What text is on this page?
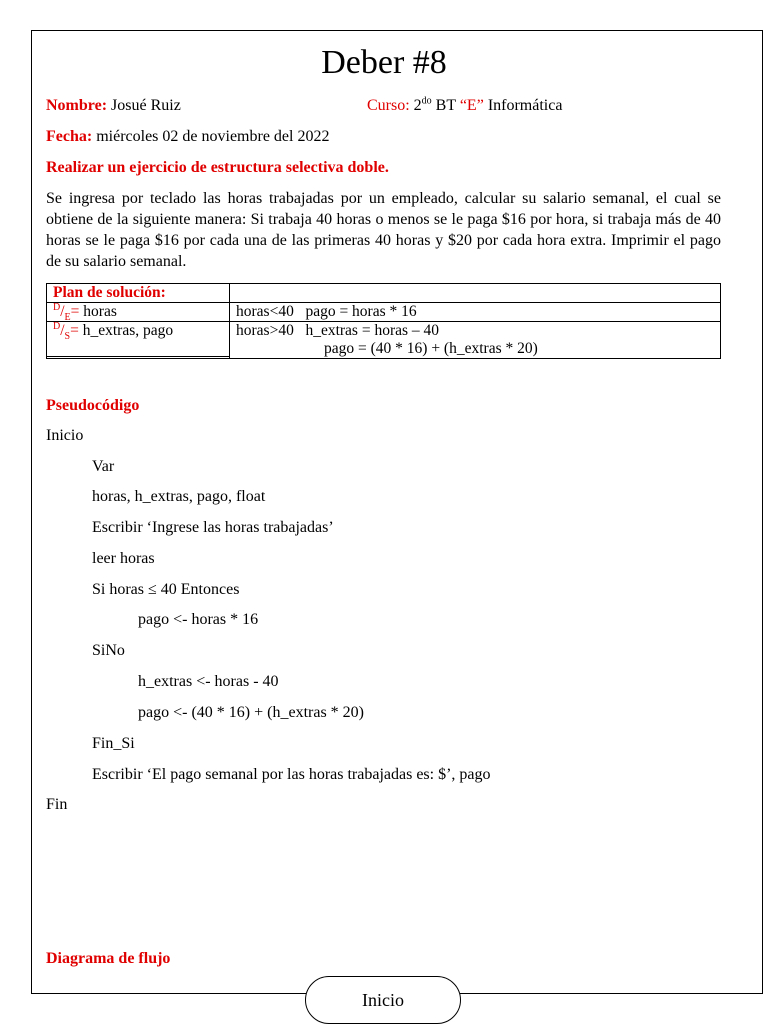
Deber #8
Nombre: Josué Ruiz	Curso: $2^{do}$ BT “E” Informática
Fecha: miércoles 02 de noviembre del 2022
Realizar un ejercicio de estructura selectiva doble.
Se ingresa por teclado las horas trabajadas por un empleado, calcular su salario semanal, el cual se obtiene de la siguiente manera: Si trabaja 40 horas o menos se le paga $16 por hora, si trabaja más de 40 horas se le paga $16 por cada una de las primeras 40 horas y $20 por cada hora extra. Imprimir el pago de su salario semanal.
Plan de solución:	
$^D/_E=$ horas	horas<40   pago = horas * 16
$^D/_S=$ h_extras, pago	horas>40   h_extras = horas – 40
pago = (40 * 16) + (h_extras * 20)

Pseudocódigo
Inicio
Var
horas, h_extras, pago, float
Escribir ‘Ingrese las horas trabajadas’
leer horas
Si horas ≤ 40 Entonces
pago <- horas * 16
SiNo
h_extras <- horas - 40
pago <- (40 * 16) + (h_extras * 20)
Fin_Si
Escribir ‘El pago semanal por las horas trabajadas es: $’, pago
Fin
Diagrama de flujo
Inicio
